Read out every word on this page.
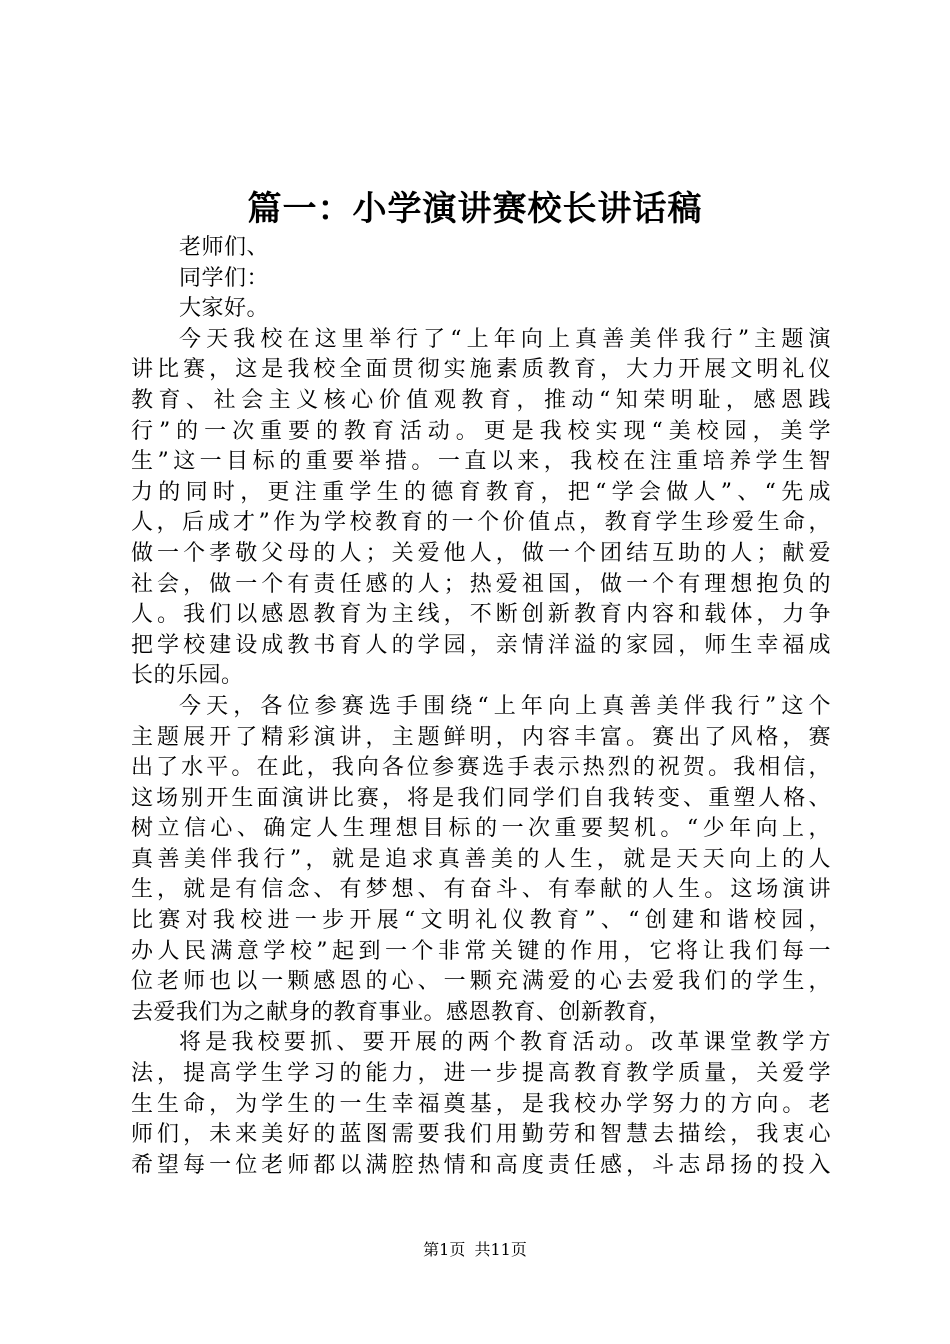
篇一：小学演讲赛校长讲话稿
老师们、
同学们：
大家好。
今天我校在这里举行了“上年向上真善美伴我行”主题演
讲比赛，这是我校全面贯彻实施素质教育，大力开展文明礼仪
教育、社会主义核心价值观教育，推动“知荣明耻，感恩践
行”的一次重要的教育活动。更是我校实现“美校园，美学
生”这一目标的重要举措。一直以来，我校在注重培养学生智
力的同时，更注重学生的德育教育，把“学会做人”、“先成
人，后成才”作为学校教育的一个价值点，教育学生珍爱生命，
做一个孝敬父母的人；关爱他人，做一个团结互助的人；献爱
社会，做一个有责任感的人；热爱祖国，做一个有理想抱负的
人。我们以感恩教育为主线，不断创新教育内容和载体，力争
把学校建设成教书育人的学园，亲情洋溢的家园，师生幸福成
长的乐园。
今天，各位参赛选手围绕“上年向上真善美伴我行”这个
主题展开了精彩演讲，主题鲜明，内容丰富。赛出了风格，赛
出了水平。在此，我向各位参赛选手表示热烈的祝贺。我相信，
这场别开生面演讲比赛，将是我们同学们自我转变、重塑人格、
树立信心、确定人生理想目标的一次重要契机。“少年向上，
真善美伴我行”，就是追求真善美的人生，就是天天向上的人
生，就是有信念、有梦想、有奋斗、有奉献的人生。这场演讲
比赛对我校进一步开展“文明礼仪教育”、“创建和谐校园，
办人民满意学校”起到一个非常关键的作用，它将让我们每一
位老师也以一颗感恩的心、一颗充满爱的心去爱我们的学生，
去爱我们为之献身的教育事业。感恩教育、创新教育，
将是我校要抓、要开展的两个教育活动。改革课堂教学方
法，提高学生学习的能力，进一步提高教育教学质量，关爱学
生生命，为学生的一生幸福奠基，是我校办学努力的方向。老
师们，未来美好的蓝图需要我们用勤劳和智慧去描绘，我衷心
希望每一位老师都以满腔热情和高度责任感，斗志昂扬的投入
第1页 共11页
